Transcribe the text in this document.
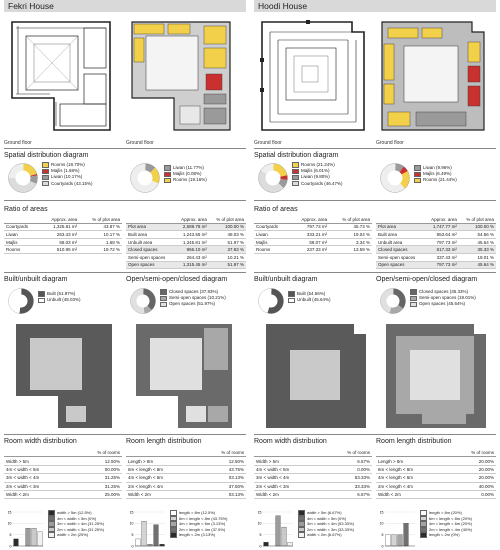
Fekri House
Ground floor	Ground floor
Spatial distribution diagram
Rooms (19.70%)
Majlis (1.68%)
Liwan (10.17%)
Courtyards (43.15%)
Liwan (11.77%)
Majlis (0.08%)
Rooms (19.16%)
Ratio of areas
	Approx. area	% of plot area
Courtyards	1,325.81 m²	43.87 %
Liwan	263.43 m²	10.17 %
Majlis	58.03 m²	1.68 %
Rooms	510.95 m²	19.72 %
	Approx. area	% of plot area
Plot area	2,589.78 m²	100.00 %
Built area	1,243.55 m²	48.03 %
Unbuilt area	1,345.81 m²	51.97 %
Closed spaces	966.10 m²	37.83 %
Semi-open spaces	264.43 m²	10.21 %
Open spaces	1,315.45 m²	51.97 %
Built/unbuilt diagram	Open/semi-open/closed diagram
Built (51.97%)
Unbuilt (48.03%)
Closed spaces (37.83%)
Semi-open spaces (10.21%)
Open spaces (51.97%)
Room width distribution	Room length distribution
	% of rooms
Width > 5m	12.50%
4m < width < 5m	00.00%
3m < width < 4m	31.25%
2m < width < 3m	31.25%
Width < 2m	25.00%
	% of rooms
Length > 8m	12.50%
6m < length < 8m	43.75%
4m < length < 6m	03.13%
2m < length < 4m	37.50%
Width < 2m	03.13%
15
10
5
0
width > 5m (12.5%)
4m < width < 5m (0%)
3m < width < 4m (31.25%)
2m < width < 3m (31.25%)
width < 2m (25%)
15
10
5
0
length > 8m (12.5%)
6m < length < 8m (43.75%)
4m < length < 6m (3.13%)
2m < length < 4m (37.5%)
length < 2m (3.13%)
Hoodi House
Ground floor	Ground floor
Spatial distribution diagram
Rooms (21.24%)
Majlis (6.01%)
Liwan (9.80%)
Courtyards (46.47%)
Liwan (9.96%)
Majlis (6.49%)
Rooms (21.44%)
Ratio of areas
	Approx. area	% of plot area
Courtyards	797.73 m²	45.73 %
Liwan	333.21 m²	19.04 %
Majlis	58.07 m²	3.34 %
Rooms	237.33 m²	13.59 %
	Approx. area	% of plot area
Plot area	1,747.77 m²	100.00 %
Built area	953.64 m²	54.56 %
Unbuilt area	797.73 m²	45.64 %
Closed spaces	617.33 m²	35.33 %
Semi-open spaces	337.43 m²	19.01 %
Open spaces	797.73 m²	45.64 %
Built/unbuilt diagram	Open/semi-open/closed diagram
Built (54.56%)
Unbuilt (45.64%)
Closed spaces (35.33%)
Semi-open spaces (19.01%)
Open spaces (45.64%)
Room width distribution	Room length distribution
	% of rooms
Width > 5m	6.67%
4m < width < 5m	0.00%
3m < width < 4m	53.33%
2m < width < 3m	33.33%
Width < 2m	6.67%
	% of rooms
Length > 8m	20.00%
6m < length < 8m	20.00%
4m < length < 6m	20.00%
2m < length < 4m	40.00%
Width < 2m	0.00%
15
10
5
0
width > 5m (6.67%)
4m < width < 5m (0%)
3m < width < 4m (53.33%)
2m < width < 3m (33.33%)
width < 2m (6.67%)
15
10
5
0
length > 8m (20%)
6m < length < 8m (20%)
4m < length < 6m (20%)
2m < length < 4m (40%)
length < 2m (0%)
